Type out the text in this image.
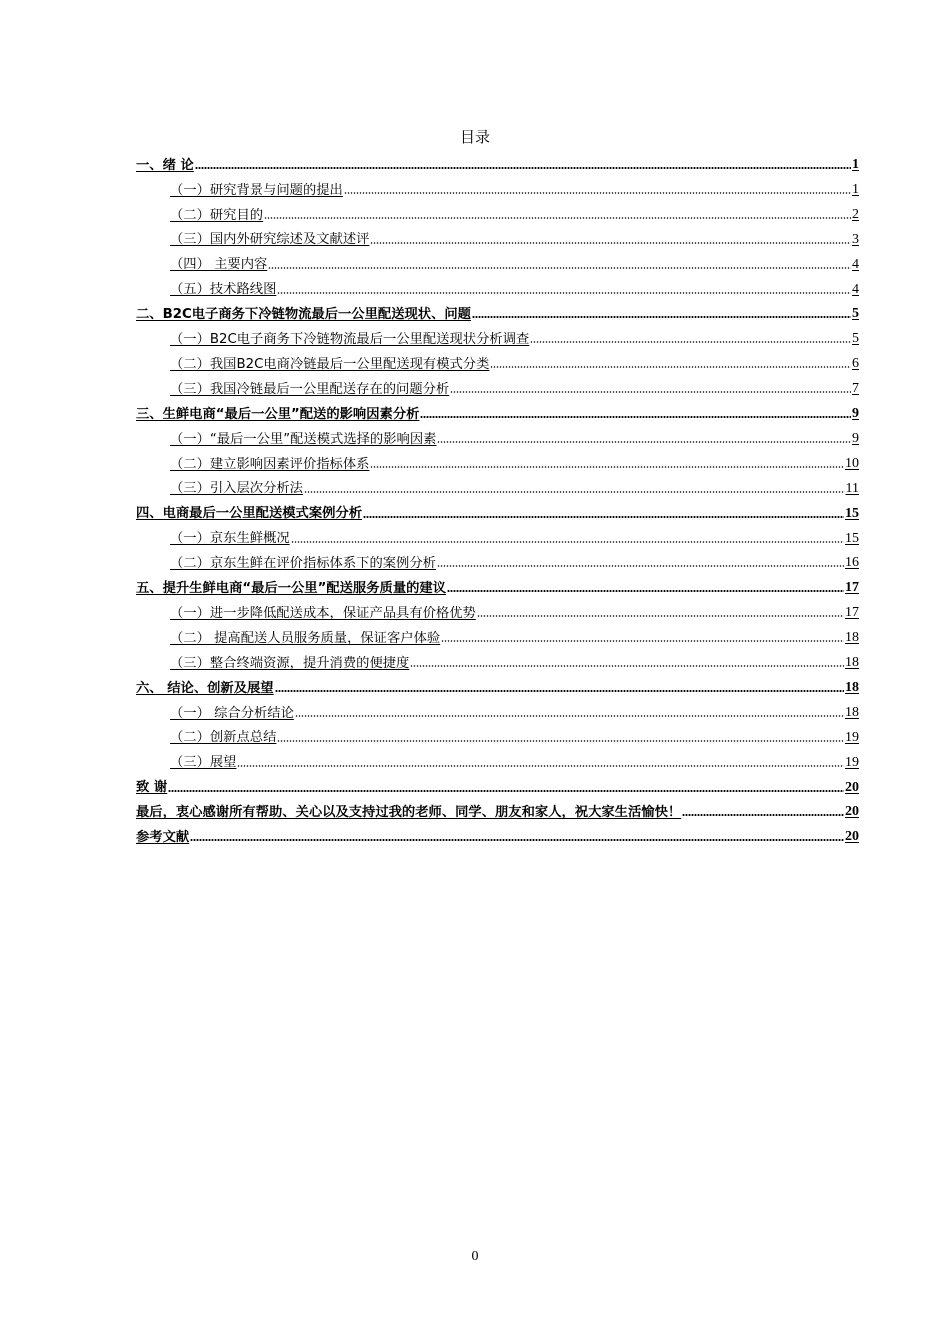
目录
一、绪 论	1
（一）研究背景与问题的提出	1
（二）研究目的	2
（三）国内外研究综述及文献述评	3
（四） 主要内容	4
（五）技术路线图	4
二、B2C电子商务下冷链物流最后一公里配送现状、问题	5
（一）B2C电子商务下冷链物流最后一公里配送现状分析调查	5
（二）我国B2C电商冷链最后一公里配送现有模式分类	6
（三）我国冷链最后一公里配送存在的问题分析	7
三、生鲜电商“最后一公里”配送的影响因素分析	9
（一）“最后一公里”配送模式选择的影响因素	9
（二）建立影响因素评价指标体系	10
（三）引入层次分析法	11
四、电商最后一公里配送模式案例分析	15
（一）京东生鲜概况	15
（二）京东生鲜在评价指标体系下的案例分析	16
五、提升生鲜电商“最后一公里”配送服务质量的建议	17
（一）进一步降低配送成本，保证产品具有价格优势	17
（二） 提高配送人员服务质量，保证客户体验	18
（三）整合终端资源，提升消费的便捷度	18
六、 结论、创新及展望	18
（一） 综合分析结论	18
（二）创新点总结	19
（三）展望	19
致 谢	20
最后，衷心感谢所有帮助、关心以及支持过我的老师、同学、朋友和家人，祝大家生活愉快！	20
参考文献	20
0
